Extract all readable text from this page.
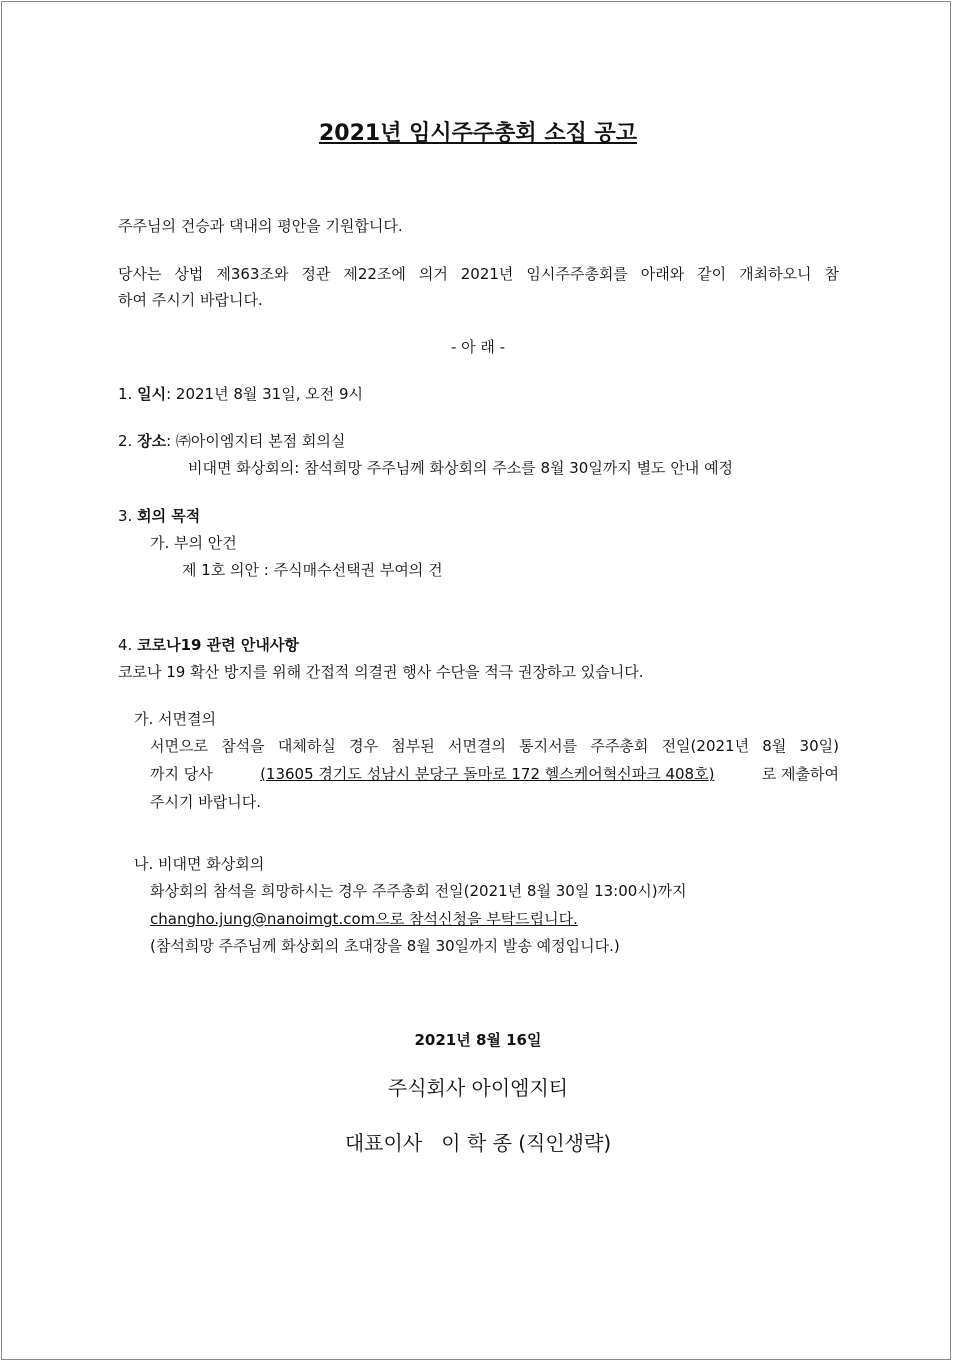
2021년 임시주주총회 소집 공고
주주님의 건승과 댁내의 평안을 기원합니다.
당사는 상법 제363조와 정관 제22조에 의거 2021년 임시주주총회를 아래와 같이 개최하오니 참
하여 주시기 바랍니다.
- 아 래 -
1. 일시: 2021년 8월 31일, 오전 9시
2. 장소: ㈜아이엠지티 본점 회의실
비대면 화상회의: 참석희망 주주님께 화상회의 주소를 8월 30일까지 별도 안내 예정
3. 회의 목적
가. 부의 안건
제 1호 의안 : 주식매수선택권 부여의 건
4. 코로나19 관련 안내사항
코로나 19 확산 방지를 위해 간접적 의결권 행사 수단을 적극 권장하고 있습니다.
가. 서면결의
서면으로 참석을 대체하실 경우 첨부된 서면결의 통지서를 주주총회 전일(2021년 8월 30일)
까지 당사	(13605 경기도 성남시 분당구 돌마로 172 헬스케어혁신파크 408호)	로 제출하여
주시기 바랍니다.
나. 비대면 화상회의
화상회의 참석을 희망하시는 경우 주주총회 전일(2021년 8월 30일 13:00시)까지
changho.jung@nanoimgt.com으로 참석신청을 부탁드립니다.
(참석희망 주주님께 화상회의 초대장을 8월 30일까지 발송 예정입니다.)
2021년 8월 16일
주식회사 아이엠지티
대표이사   이 학 종 (직인생략)
